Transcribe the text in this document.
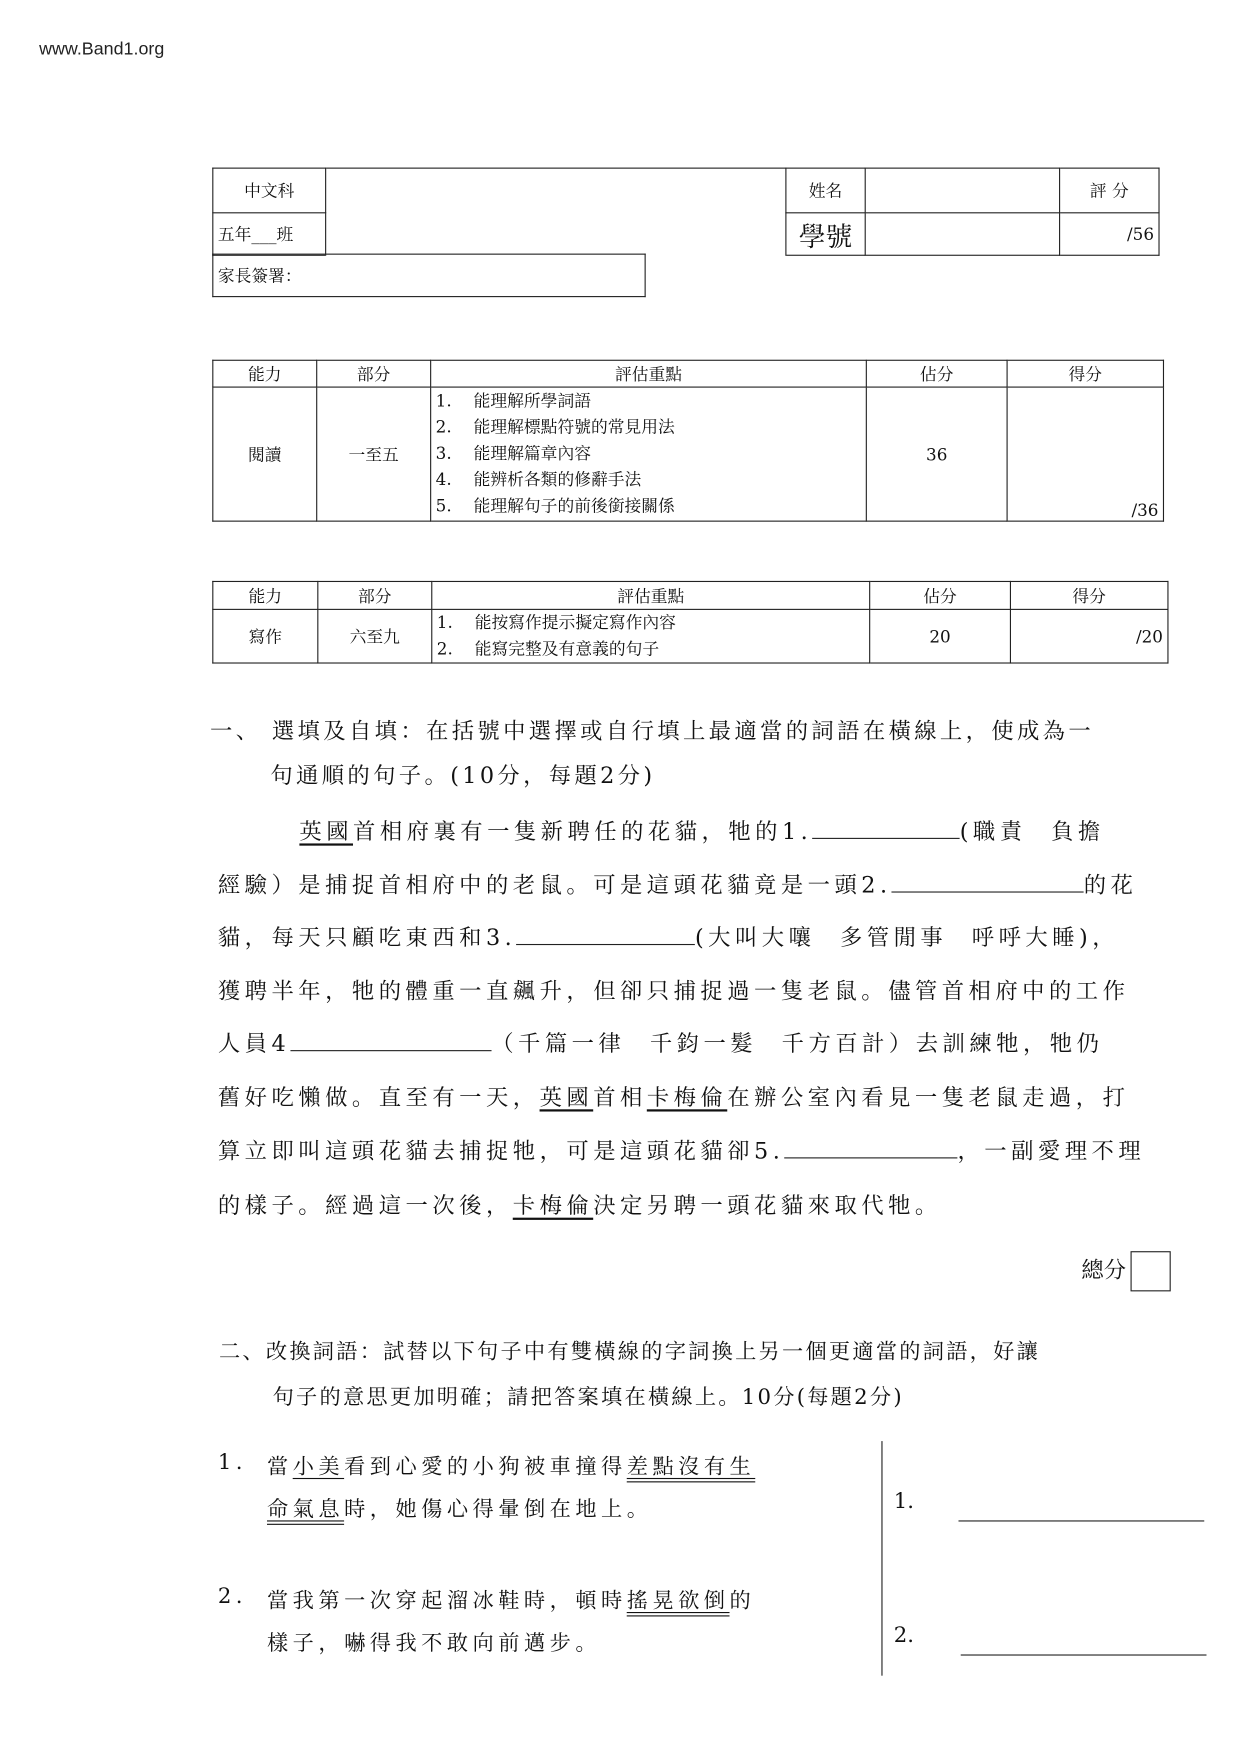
www.Band1.org
中文科		姓名		評 分
五年___班		學號		/56
家長簽署：
能力	部分	評估重點	佔分	得分
閱讀	一至五	1. 能理解所學詞語
2. 能理解標點符號的常見用法
3. 能理解篇章內容
4. 能辨析各類的修辭手法
5. 能理解句子的前後銜接關係	36	/36
能力	部分	評估重點	佔分	得分
寫作	六至九	1. 能按寫作提示擬定寫作內容
2. 能寫完整及有意義的句子	20	/20
一、 選填及自填：在括號中選擇或自行填上最適當的詞語在橫線上，使成為一
句通順的句子。(10分，每題2分)
英國首相府裏有一隻新聘任的花貓，牠的1.	(職責 負擔
經驗）是捕捉首相府中的老鼠。可是這頭花貓竟是一頭2.	的花
貓，每天只顧吃東西和3.	(大叫大嚷 多管閒事 呼呼大睡)，
獲聘半年，牠的體重一直飆升，但卻只捕捉過一隻老鼠。儘管首相府中的工作
人員4	（千篇一律 千鈞一髮 千方百計）去訓練牠，牠仍
舊好吃懶做。直至有一天，英國首相卡梅倫在辦公室內看見一隻老鼠走過，打
算立即叫這頭花貓去捕捉牠，可是這頭花貓卻5.	，一副愛理不理
的樣子。經過這一次後，卡梅倫決定另聘一頭花貓來取代牠。
總分
二、改換詞語：試替以下句子中有雙橫線的字詞換上另一個更適當的詞語，好讓
句子的意思更加明確；請把答案填在橫線上。10分(每題2分)
1. 當小美看到心愛的小狗被車撞得差點沒有生
命氣息時，她傷心得暈倒在地上。
2. 當我第一次穿起溜冰鞋時，頓時搖晃欲倒的
樣子，嚇得我不敢向前邁步。
1.
2.
